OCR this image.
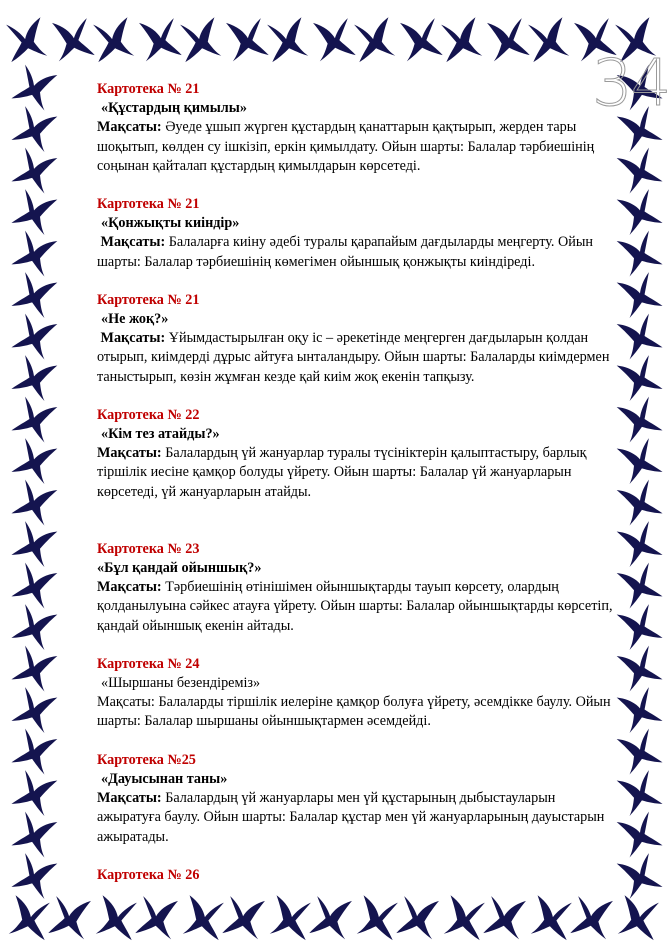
34
Картотека № 21
«Құстардың қимылы»
Мақсаты: Әуеде ұшып жүрген құстардың қанаттарын қақтырып, жерден тары шоқытып, көлден су ішкізіп, еркін қимылдату. Ойын шарты: Балалар тәрбиешінің соңынан қайталап құстардың қимылдарын көрсетеді.
Картотека № 21
«Қонжықты киіндір»
Мақсаты: Балаларға киіну әдебі туралы қарапайым дағдыларды меңгерту. Ойын шарты: Балалар тәрбиешінің көмегімен ойыншық қонжықты киіндіреді.
Картотека № 21
«Не жоқ?»
Мақсаты: Ұйымдастырылған оқу іс – әрекетінде меңгерген дағдыларын қолдан отырып, киімдерді дұрыс айтуға ынталандыру. Ойын шарты: Балаларды киімдермен таныстырып, көзін жұмған кезде қай киім жоқ екенін тапқызу.
Картотека № 22
«Кім тез атайды?»
Мақсаты: Балалардың үй жануарлар туралы түсініктерін қалыптастыру, барлық тіршілік иесіне қамқор болуды үйрету. Ойын шарты: Балалар үй жануарларын көрсетеді, үй жануарларын атайды.
Картотека № 23
«Бұл қандай ойыншық?»
Мақсаты: Тәрбиешінің өтінішімен ойыншықтарды тауып көрсету, олардың қолданылуына сәйкес атауға үйрету. Ойын шарты: Балалар ойыншықтарды көрсетіп, қандай ойыншық екенін айтады.
Картотека № 24
«Шыршаны безендіреміз»
Мақсаты: Балаларды тіршілік иелеріне қамқор болуға үйрету, әсемдікке баулу. Ойын шарты: Балалар шыршаны ойыншықтармен әсемдейді.
Картотека №25
«Дауысынан таны»
Мақсаты: Балалардың үй жануарлары мен үй құстарының дыбыстауларын ажыратуға баулу. Ойын шарты: Балалар құстар мен үй жануарларының дауыстарын ажыратады.
Картотека № 26
